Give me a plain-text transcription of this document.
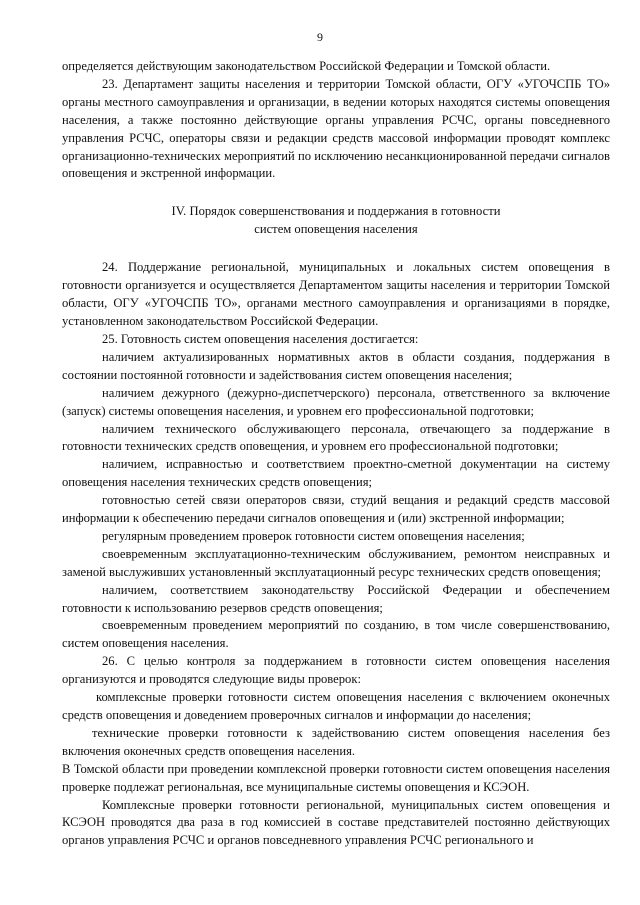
9

определяется действующим законодательством Российской Федерации и Томской области.

23. Департамент защиты населения и территории Томской области, ОГУ «УГОЧСПБ ТО» органы местного самоуправления и организации, в ведении которых находятся системы оповещения населения, а также постоянно действующие органы управления РСЧС, органы повседневного управления РСЧС, операторы связи и редакции средств массовой информации проводят комплекс организационно-технических мероприятий по исключению несанкционированной передачи сигналов оповещения и экстренной информации.

IV. Порядок совершенствования и поддержания в готовности
систем оповещения населения

24. Поддержание региональной, муниципальных и локальных систем оповещения в готовности организуется и осуществляется Департаментом защиты населения и территории Томской области, ОГУ «УГОЧСПБ ТО», органами местного самоуправления и организациями в порядке, установленном законодательством Российской Федерации.

25. Готовность систем оповещения населения достигается:

наличием актуализированных нормативных актов в области создания, поддержания в состоянии постоянной готовности и задействования систем оповещения населения;

наличием дежурного (дежурно-диспетчерского) персонала, ответственного за включение (запуск) системы оповещения населения, и уровнем его профессиональной подготовки;

наличием технического обслуживающего персонала, отвечающего за поддержание в готовности технических средств оповещения, и уровнем его профессиональной подготовки;

наличием, исправностью и соответствием проектно-сметной документации на систему оповещения населения технических средств оповещения;

готовностью сетей связи операторов связи, студий вещания и редакций средств массовой информации к обеспечению передачи сигналов оповещения и (или) экстренной информации;

регулярным проведением проверок готовности систем оповещения населения;

своевременным эксплуатационно-техническим обслуживанием, ремонтом неисправных и заменой выслуживших установленный эксплуатационный ресурс технических средств оповещения;

наличием, соответствием законодательству Российской Федерации и обеспечением готовности к использованию резервов средств оповещения;

своевременным проведением мероприятий по созданию, в том числе совершенствованию, систем оповещения населения.

26. С целью контроля за поддержанием в готовности систем оповещения населения организуются и проводятся следующие виды проверок:

комплексные проверки готовности систем оповещения населения с включением оконечных средств оповещения и доведением проверочных сигналов и информации до населения;

технические проверки готовности к задействованию систем оповещения населения без включения оконечных средств оповещения населения.

В Томской области при проведении комплексной проверки готовности систем оповещения населения проверке подлежат региональная, все муниципальные системы оповещения и КСЭОН.

Комплексные проверки готовности региональной, муниципальных систем оповещения и КСЭОН проводятся два раза в год комиссией в составе представителей постоянно действующих органов управления РСЧС и органов повседневного управления РСЧС регионального и
